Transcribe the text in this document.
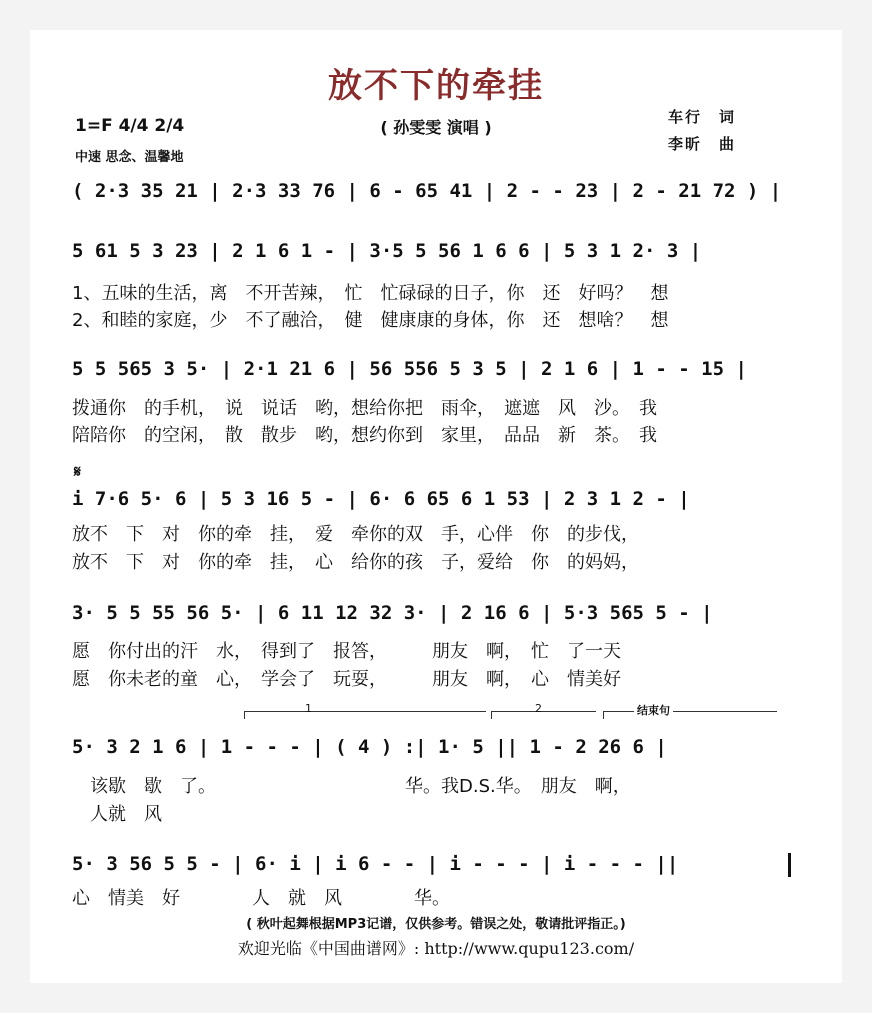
放不下的牵挂
( 孙雯雯 演唱 )
1=F 4/4 2/4
中速 思念、温馨地
车行　词
李昕　曲
( 2·3 35 21 | 2·3 33 76 | 6 - 65 41 | 2 - - 23 | 2 - 21 72 ) |
5 61 5 3 23 | 2 1 6 1 - | 3·5 5 56 1 6 6 | 5 3 1 2· 3 |
1、五味的生活，离　不开苦辣，　忙　忙碌碌的日子，你　还　好吗？　想
2、和睦的家庭，少　不了融洽，　健　健康康的身体，你　还　想啥？　想
5 5 565 3 5· | 2·1 21 6 | 56 556 5 3 5 | 2 1 6 | 1 - - 15 |
拨通你　的手机，　说　说话　哟，想给你把　雨伞，　遮遮　风　沙。　我
陪陪你　的空闲，　散　散步　哟，想约你到　家里，　品品　新　茶。　我
𝄋
i 7·6 5· 6 | 5 3 16 5 - | 6· 6 65 6 1 53 | 2 3 1 2 - |
放不　下　对　你的牵　挂，　爱　牵你的双　手，心伴　你　的步伐，
放不　下　对　你的牵　挂，　心　给你的孩　子，爱给　你　的妈妈，
3· 5 5 55 56 5· | 6 11 12 32 3· | 2 16 6 | 5·3 565 5 - |
愿　你付出的汗　水，　得到了　报答，　　　朋友　啊，　忙　了一天
愿　你未老的童　心，　学会了　玩耍，　　　朋友　啊，　心　情美好
1	2	结束句
5· 3 2 1 6 | 1 - - - | ( 4 ) :| 1· 5 || 1 - 2 26 6 |
　该歇　歇　了。　　　　　　　　　　　华。我D.S.华。　朋友　啊，
　人就　风
5· 3 56 5 5 - | 6· i | i 6 - - | i - - - | i - - - ||
心　情美　好　　　　人　就　风　　　　华。
( 秋叶起舞根据MP3记谱，仅供参考。错误之处，敬请批评指正。)
欢迎光临《中国曲谱网》: http://www.qupu123.com/
